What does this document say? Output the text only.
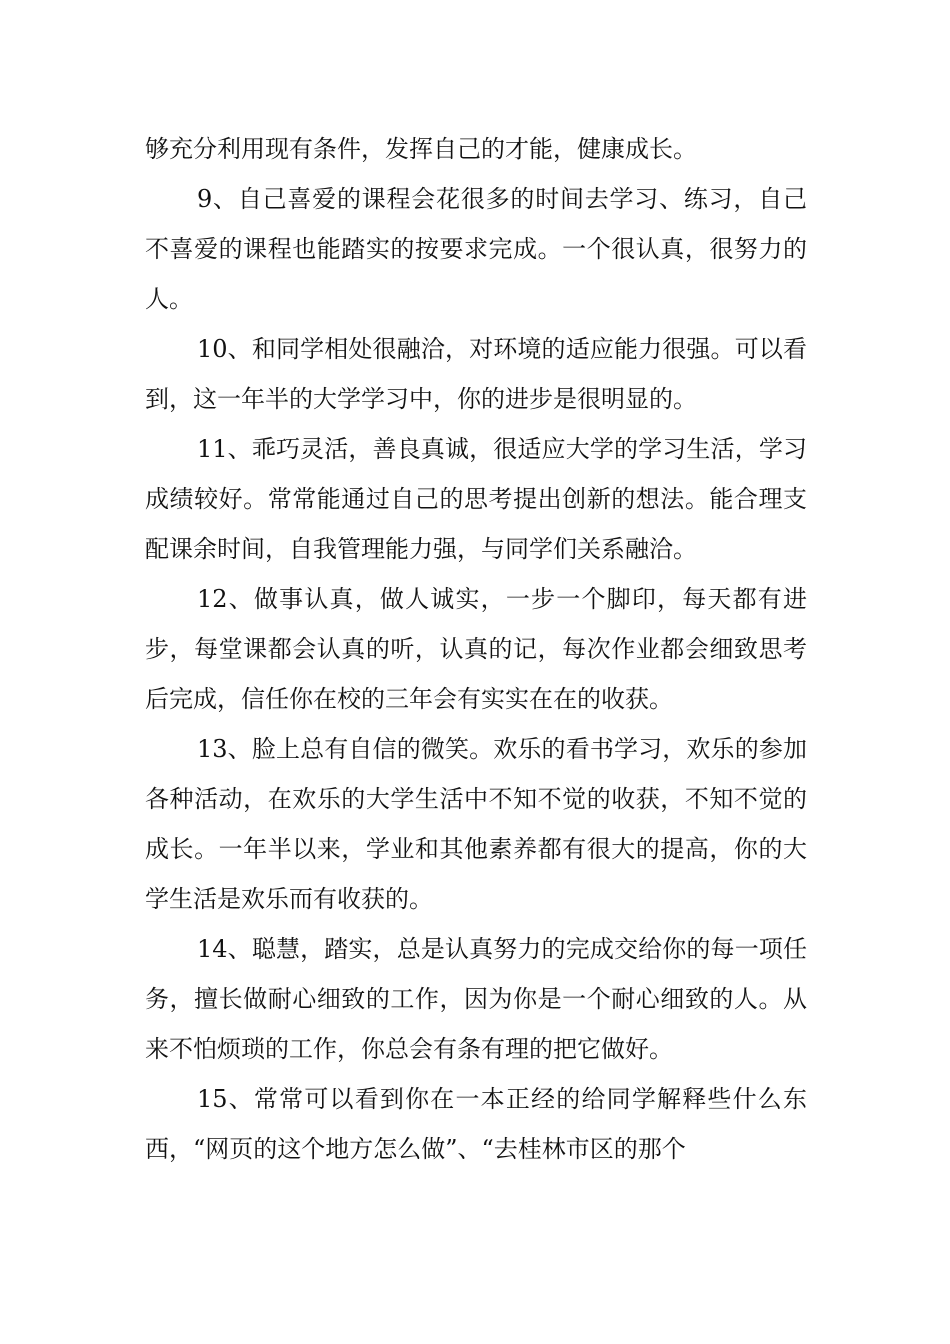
够充分利用现有条件，发挥自己的才能，健康成长。

9、自己喜爱的课程会花很多的时间去学习、练习，自己不喜爱的课程也能踏实的按要求完成。一个很认真，很努力的人。

10、和同学相处很融洽，对环境的适应能力很强。可以看到，这一年半的大学学习中，你的进步是很明显的。

11、乖巧灵活，善良真诚，很适应大学的学习生活，学习成绩较好。常常能通过自己的思考提出创新的想法。能合理支配课余时间，自我管理能力强，与同学们关系融洽。

12、做事认真，做人诚实，一步一个脚印，每天都有进步，每堂课都会认真的听，认真的记，每次作业都会细致思考后完成，信任你在校的三年会有实实在在的收获。

13、脸上总有自信的微笑。欢乐的看书学习，欢乐的参加各种活动，在欢乐的大学生活中不知不觉的收获，不知不觉的成长。一年半以来，学业和其他素养都有很大的提高，你的大学生活是欢乐而有收获的。

14、聪慧，踏实，总是认真努力的完成交给你的每一项任务，擅长做耐心细致的工作，因为你是一个耐心细致的人。从来不怕烦琐的工作，你总会有条有理的把它做好。

15、常常可以看到你在一本正经的给同学解释些什么东西，“网页的这个地方怎么做”、“去桂林市区的那个
